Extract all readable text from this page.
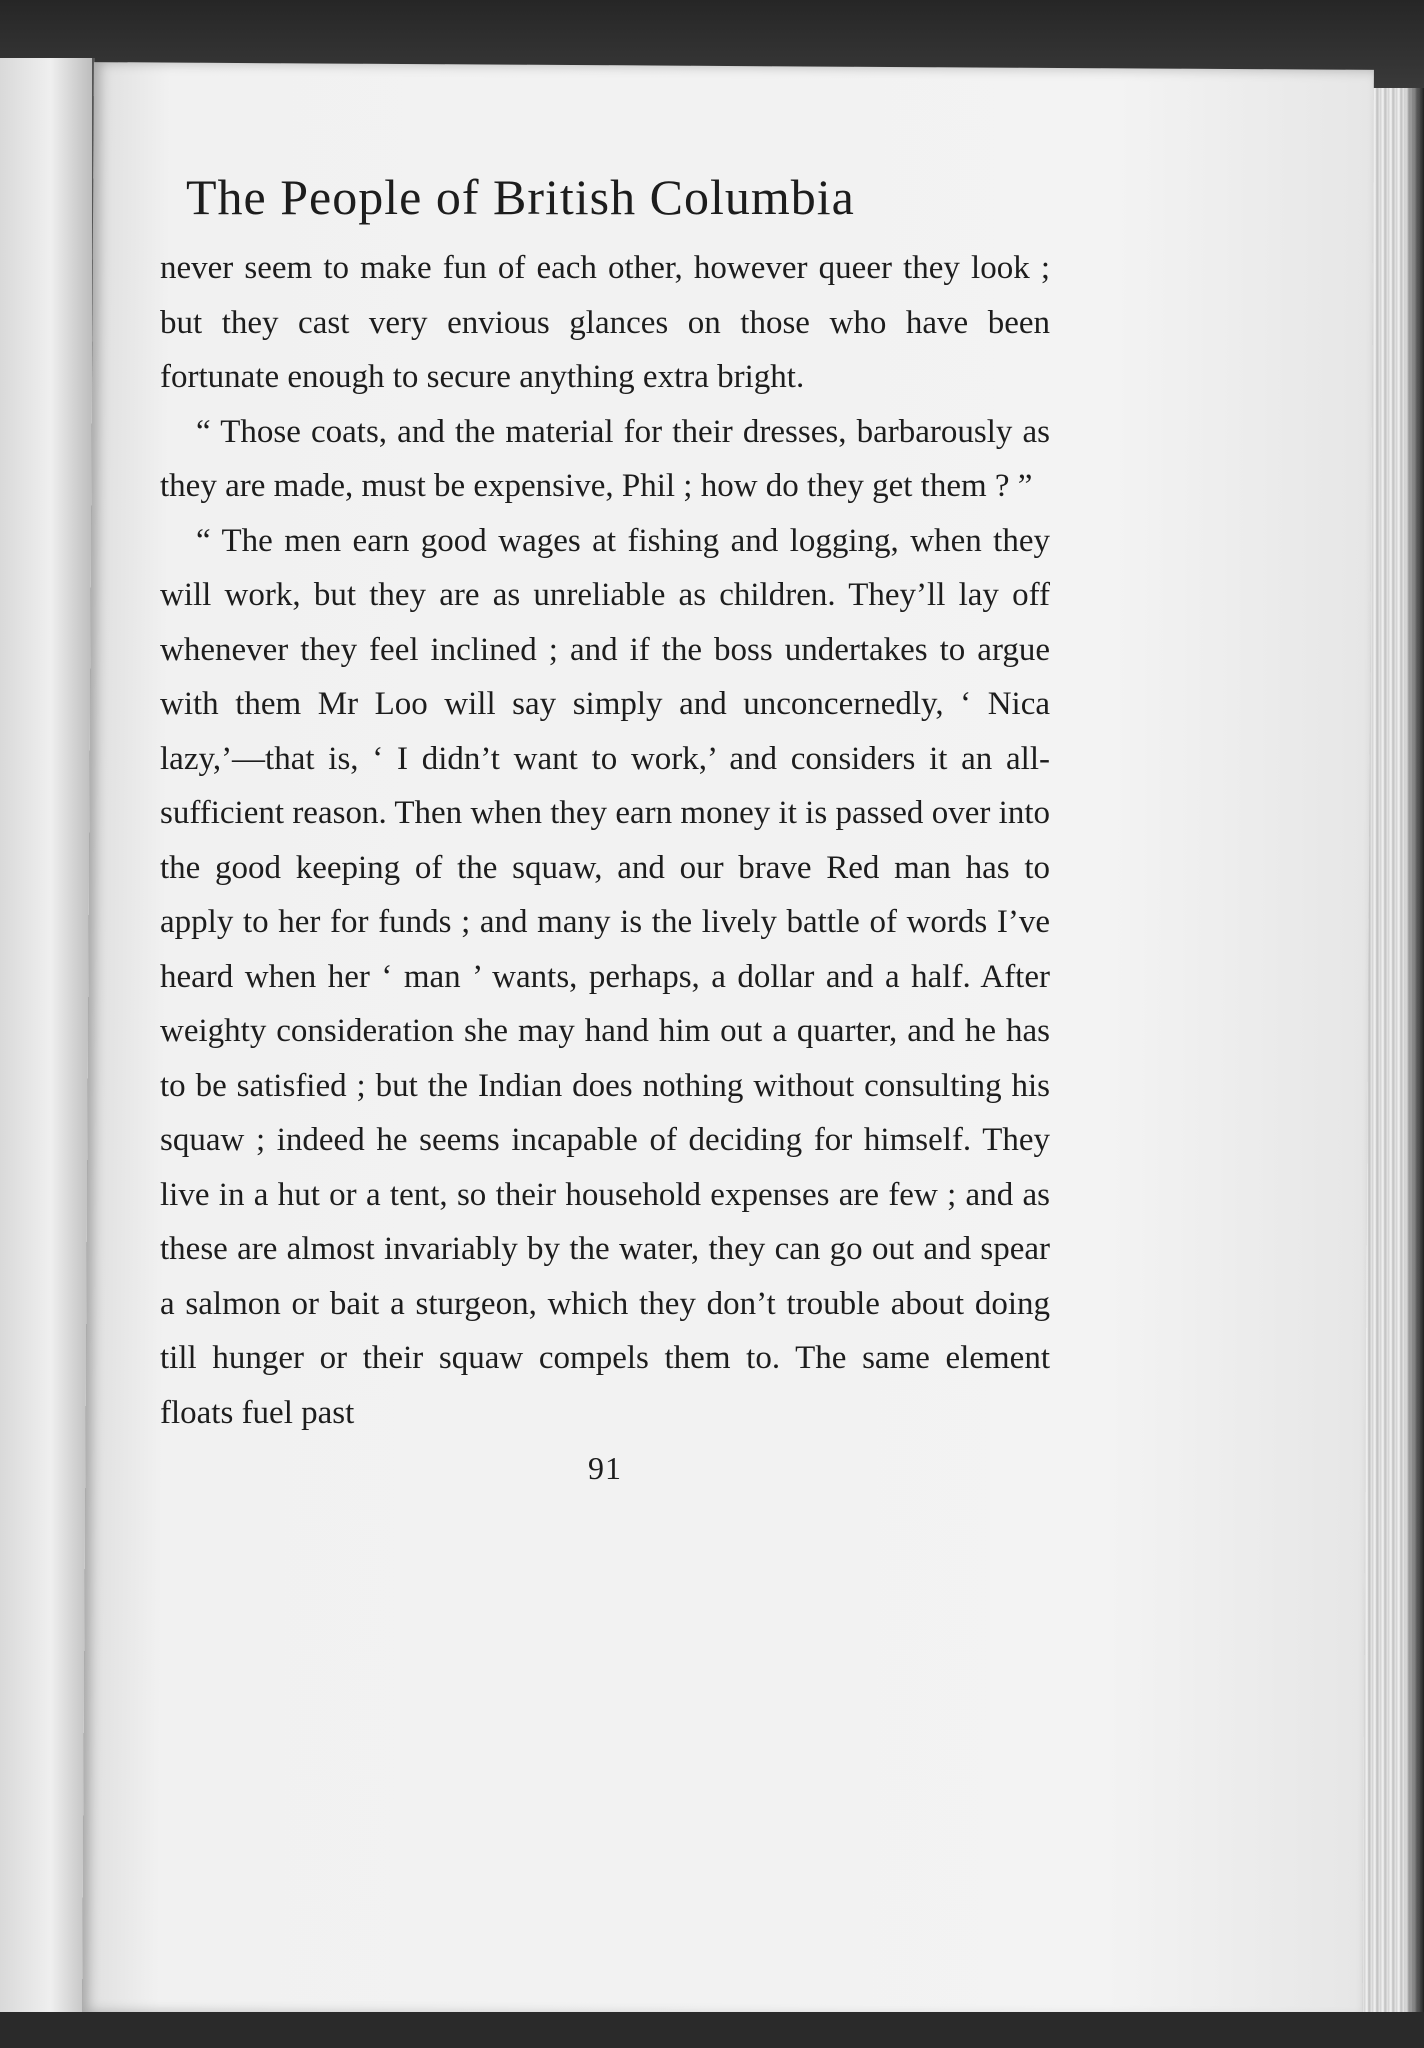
The People of British Columbia

never seem to make fun of each other, however queer they look ; but they cast very envious glances on those who have been fortunate enough to secure anything extra bright.

“ Those coats, and the material for their dresses, barbarously as they are made, must be expensive, Phil ; how do they get them ? ”

“ The men earn good wages at fishing and logging, when they will work, but they are as unreliable as children. They’ll lay off whenever they feel inclined ; and if the boss undertakes to argue with them Mr Loo will say simply and unconcernedly, ‘ Nica lazy,’—that is, ‘ I didn’t want to work,’ and considers it an all-sufficient reason. Then when they earn money it is passed over into the good keeping of the squaw, and our brave Red man has to apply to her for funds ; and many is the lively battle of words I’ve heard when her ‘ man ’ wants, perhaps, a dollar and a half. After weighty consideration she may hand him out a quarter, and he has to be satisfied ; but the Indian does nothing without consulting his squaw ; indeed he seems incapable of deciding for himself. They live in a hut or a tent, so their household expenses are few ; and as these are almost invariably by the water, they can go out and spear a salmon or bait a sturgeon, which they don’t trouble about doing till hunger or their squaw compels them to. The same element floats fuel past

91
